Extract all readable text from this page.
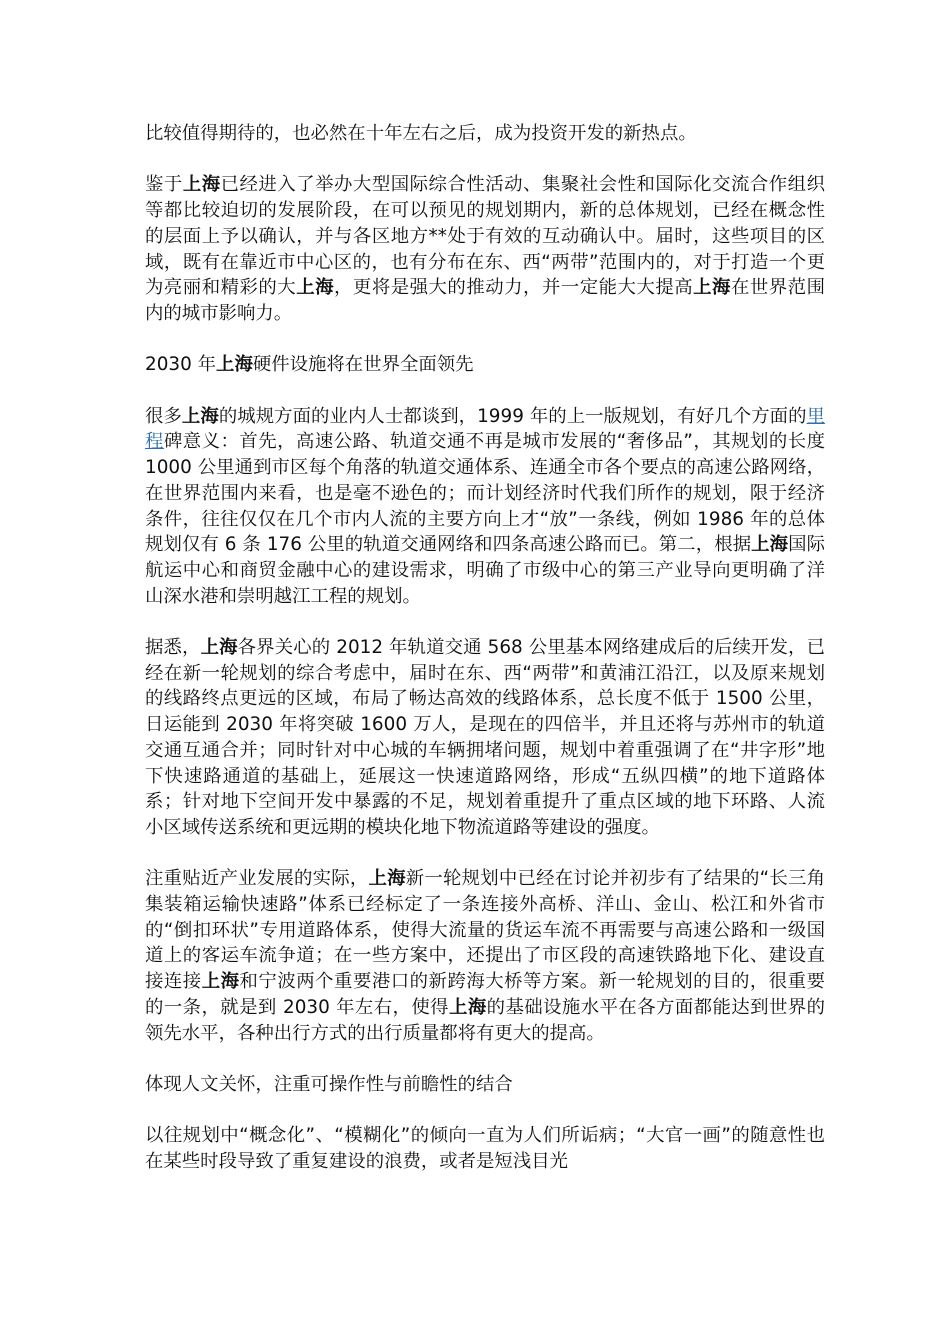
比较值得期待的，也必然在十年左右之后，成为投资开发的新热点。

鉴于上海已经进入了举办大型国际综合性活动、集聚社会性和国际化交流合作组织等都比较迫切的发展阶段，在可以预见的规划期内，新的总体规划，已经在概念性的层面上予以确认，并与各区地方**处于有效的互动确认中。届时，这些项目的区域，既有在靠近市中心区的，也有分布在东、西“两带”范围内的，对于打造一个更为亮丽和精彩的大上海，更将是强大的推动力，并一定能大大提高上海在世界范围内的城市影响力。

2030 年上海硬件设施将在世界全面领先

很多上海的城规方面的业内人士都谈到，1999 年的上一版规划，有好几个方面的里程碑意义：首先，高速公路、轨道交通不再是城市发展的“奢侈品”，其规划的长度 1000 公里通到市区每个角落的轨道交通体系、连通全市各个要点的高速公路网络，在世界范围内来看，也是毫不逊色的；而计划经济时代我们所作的规划，限于经济条件，往往仅仅在几个市内人流的主要方向上才“放”一条线，例如 1986 年的总体规划仅有 6 条 176 公里的轨道交通网络和四条高速公路而已。第二，根据上海国际航运中心和商贸金融中心的建设需求，明确了市级中心的第三产业导向更明确了洋山深水港和崇明越江工程的规划。

据悉，上海各界关心的 2012 年轨道交通 568 公里基本网络建成后的后续开发，已经在新一轮规划的综合考虑中，届时在东、西“两带”和黄浦江沿江，以及原来规划的线路终点更远的区域，布局了畅达高效的线路体系，总长度不低于 1500 公里，日运能到 2030 年将突破 1600 万人，是现在的四倍半，并且还将与苏州市的轨道交通互通合并；同时针对中心城的车辆拥堵问题，规划中着重强调了在“井字形”地下快速路通道的基础上，延展这一快速道路网络，形成“五纵四横”的地下道路体系；针对地下空间开发中暴露的不足，规划着重提升了重点区域的地下环路、人流小区域传送系统和更远期的模块化地下物流道路等建设的强度。

注重贴近产业发展的实际，上海新一轮规划中已经在讨论并初步有了结果的“长三角集装箱运输快速路”体系已经标定了一条连接外高桥、洋山、金山、松江和外省市的“倒扣环状”专用道路体系，使得大流量的货运车流不再需要与高速公路和一级国道上的客运车流争道；在一些方案中，还提出了市区段的高速铁路地下化、建设直接连接上海和宁波两个重要港口的新跨海大桥等方案。新一轮规划的目的，很重要的一条，就是到 2030 年左右，使得上海的基础设施水平在各方面都能达到世界的领先水平，各种出行方式的出行质量都将有更大的提高。

体现人文关怀，注重可操作性与前瞻性的结合

以往规划中“概念化”、“模糊化”的倾向一直为人们所诟病；“大官一画”的随意性也在某些时段导致了重复建设的浪费，或者是短浅目光
